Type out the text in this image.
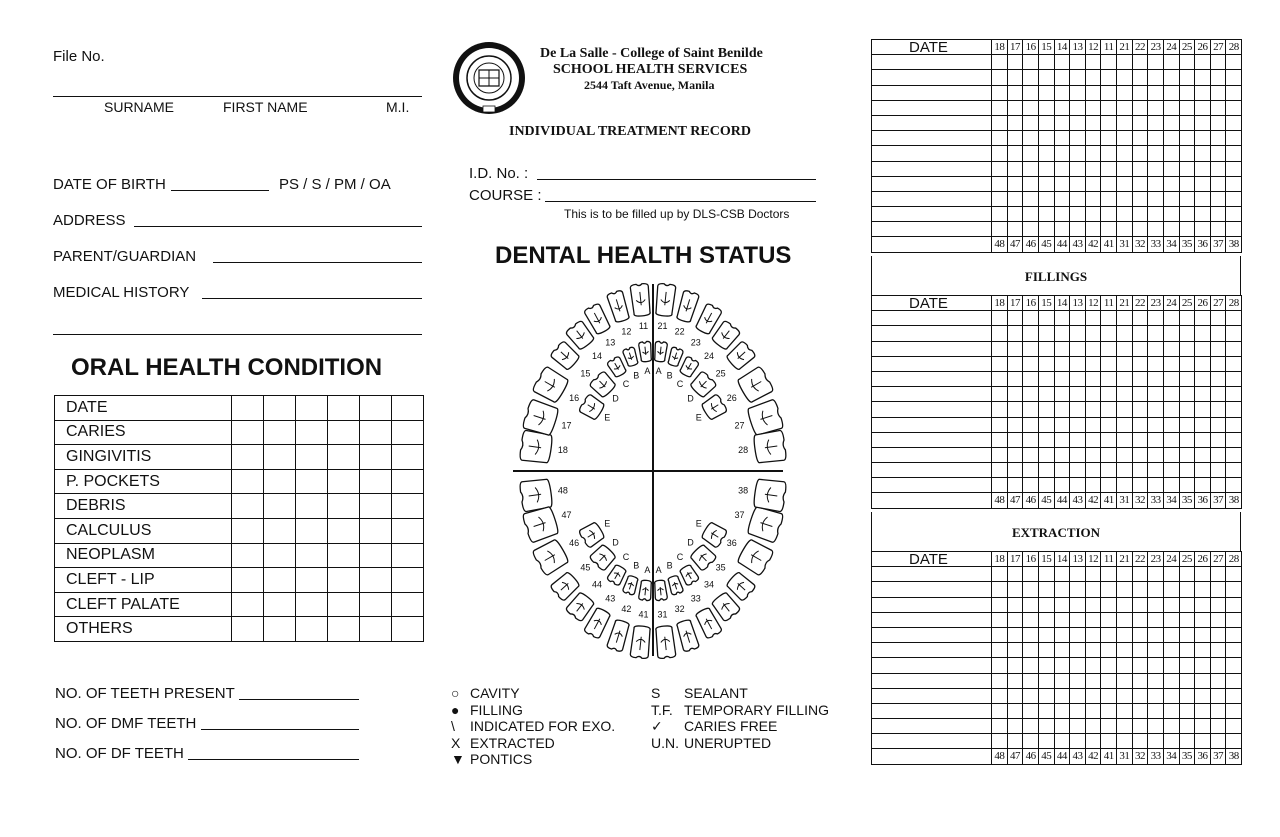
File No.
SURNAME	FIRST NAME	M.I.
DATE OF BIRTH	PS / S / PM / OA
ADDRESS
PARENT/GUARDIAN
MEDICAL HISTORY
ORAL HEALTH CONDITION
DATE						
CARIES						
GINGIVITIS						
P. POCKETS						
DEBRIS						
CALCULUS						
NEOPLASM						
CLEFT - LIP						
CLEFT PALATE						
OTHERS						
NO. OF TEETH PRESENT
NO. OF DMF TEETH
NO. OF DF TEETH
De La Salle - College of Saint Benilde
SCHOOL HEALTH SERVICES
2544 Taft Avenue, Manila
INDIVIDUAL TREATMENT RECORD
I.D. No. :
COURSE :
This is to be filled up by DLS-CSB Doctors
DENTAL HEALTH STATUS
18
17
16
15
14
13
12
11 21
22
23
24
25
26
27
28
48
47
46
45
44
43
42
41 31
32
33
34
35
36
37
38
E
D
C
B A A B
C
D
E
E
D
C
B A A B
C
D
E
○ CAVITY
● FILLING
\ INDICATED FOR EXO.
X EXTRACTED
▼ PONTICS
S SEALANT
T.F. TEMPORARY FILLING
✓ CARIES FREE
U.N. UNERUPTED
DATE	18	17	16	15	14	13	12	11	21	22	23	24	25	26	27	28

	48	47	46	45	44	43	42	41	31	32	33	34	35	36	37	38
FILLINGS
DATE	18	17	16	15	14	13	12	11	21	22	23	24	25	26	27	28

	48	47	46	45	44	43	42	41	31	32	33	34	35	36	37	38
EXTRACTION
DATE	18	17	16	15	14	13	12	11	21	22	23	24	25	26	27	28

	48	47	46	45	44	43	42	41	31	32	33	34	35	36	37	38
